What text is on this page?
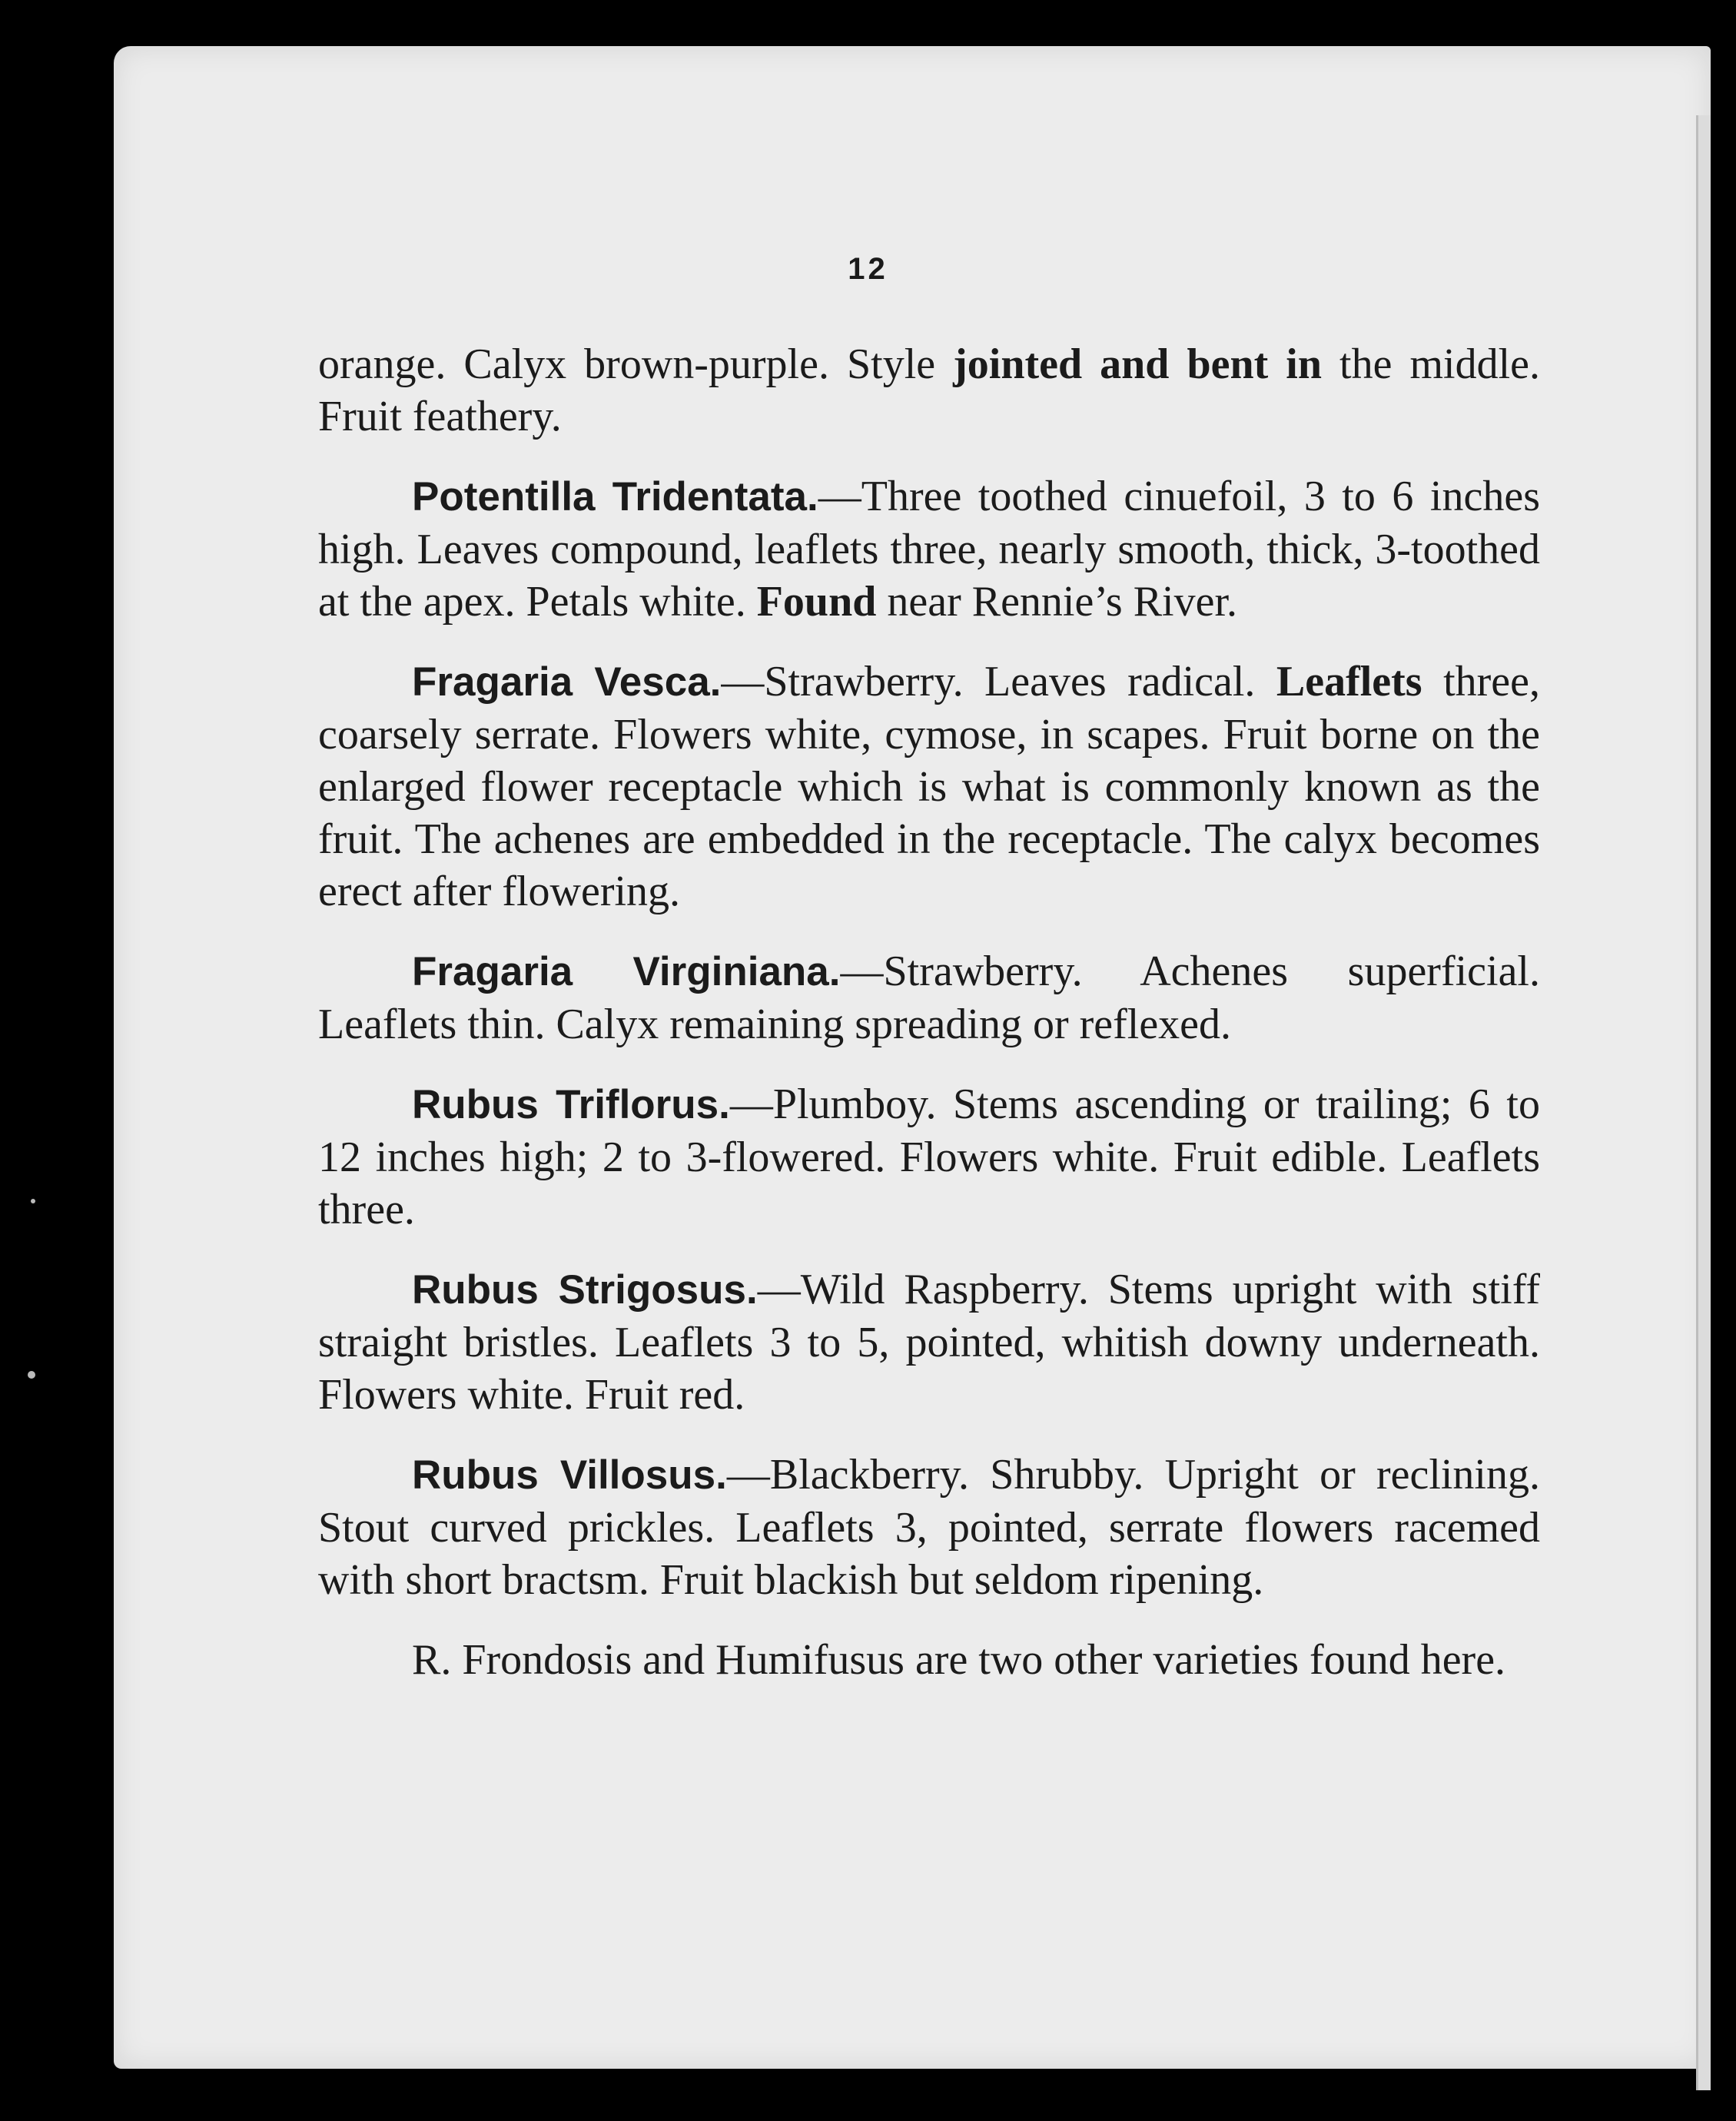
12

orange. Calyx brown-purple. Style jointed and bent in the middle. Fruit feathery.

Potentilla Tridentata.—Three toothed cinuefoil, 3 to 6 inches high. Leaves compound, leaflets three, nearly smooth, thick, 3-toothed at the apex. Petals white. Found near Rennie’s River.

Fragaria Vesca.—Strawberry. Leaves radical. Leaflets three, coarsely serrate. Flowers white, cymose, in scapes. Fruit borne on the enlarged flower receptacle which is what is commonly known as the fruit. The achenes are embedded in the receptacle. The calyx becomes erect after flowering.

Fragaria Virginiana.—Strawberry. Achenes superficial. Leaflets thin. Calyx remaining spreading or reflexed.

Rubus Triflorus.—Plumboy. Stems ascending or trailing; 6 to 12 inches high; 2 to 3-flowered. Flowers white. Fruit edible. Leaflets three.

Rubus Strigosus.—Wild Raspberry. Stems upright with stiff straight bristles. Leaflets 3 to 5, pointed, whitish downy underneath. Flowers white. Fruit red.

Rubus Villosus.—Blackberry. Shrubby. Upright or reclining. Stout curved prickles. Leaflets 3, pointed, serrate flowers racemed with short bractsm. Fruit blackish but seldom ripening.

R. Frondosis and Humifusus are two other varieties found here.
